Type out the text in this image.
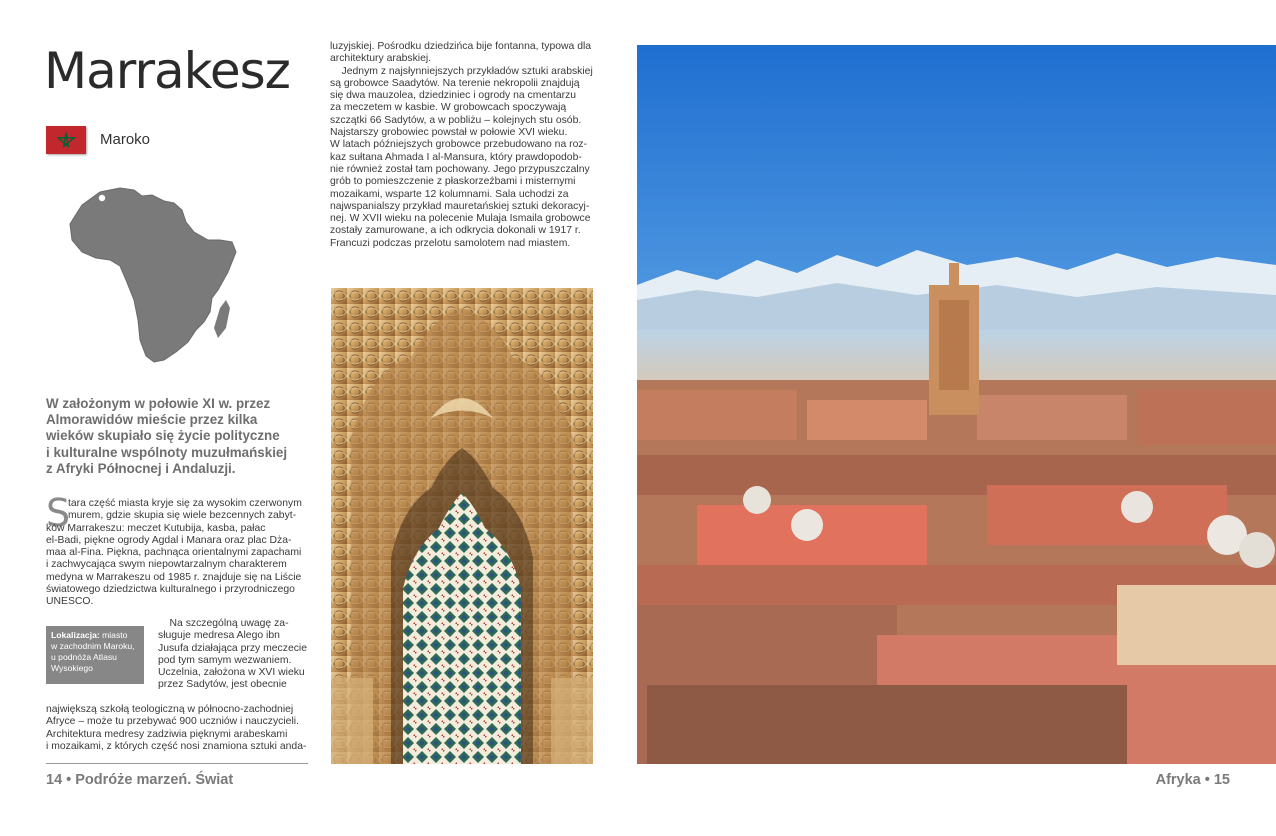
Marrakesz
Maroko

W założonym w połowie XI w. przez

Almorawidów mieście przez kilka

wieków skupiało się życie polityczne

i kulturalne wspólnoty muzułmańskiej

z Afryki Północnej i Andaluzji.

S

tara część miasta kryje się za wysokim czerwonym

murem, gdzie skupia się wiele bezcennych zabyt-

ków Marrakeszu: meczet Kutubija, kasba, pałac

el-Badi, piękne ogrody Agdal i Manara oraz plac Dża-

maa al-Fina. Piękna, pachnąca orientalnymi zapachami

i zachwycająca swym niepowtarzalnym charakterem

medyna w Marrakeszu od 1985 r. znajduje się na Liście

światowego dziedzictwa kulturalnego i przyrodniczego

UNESCO.

Lokalizacja: miasto

w zachodnim Maroku,

u podnóża Atlasu

Wysokiego

Na szczególną uwagę za-

sługuje medresa Alego ibn

Jusufa działająca przy meczecie

pod tym samym wezwaniem.

Uczelnia, założona w XVI wieku

przez Sadytów, jest obecnie

największą szkołą teologiczną w północno-zachodniej

Afryce – może tu przebywać 900 uczniów i nauczycieli.

Architektura medresy zadziwia pięknymi arabeskami

i mozaikami, z których część nosi znamiona sztuki anda-

luzyjskiej. Pośrodku dziedzińca bije fontanna, typowa dla

architektury arabskiej.

Jednym z najsłynniejszych przykładów sztuki arabskiej

są grobowce Saadytów. Na terenie nekropolii znajdują

się dwa mauzolea, dziedziniec i ogrody na cmentarzu

za meczetem w kasbie. W grobowcach spoczywają

szczątki 66 Sadytów, a w pobliżu – kolejnych stu osób.

Najstarszy grobowiec powstał w połowie XVI wieku.

W latach późniejszych grobowce przebudowano na roz-

kaz sułtana Ahmada I al-Mansura, który prawdopodob-

nie również został tam pochowany. Jego przypuszczalny

grób to pomieszczenie z płaskorzeźbami i misternymi

mozaikami, wsparte 12 kolumnami. Sala uchodzi za

najwspanialszy przykład mauretańskiej sztuki dekoracyj-

nej. W XVII wieku na polecenie Mulaja Ismaila grobowce

zostały zamurowane, a ich odkrycia dokonali w 1917 r.

Francuzi podczas przelotu samolotem nad miastem.

14 • Podróże marzeń. Świat	Afryka • 15
